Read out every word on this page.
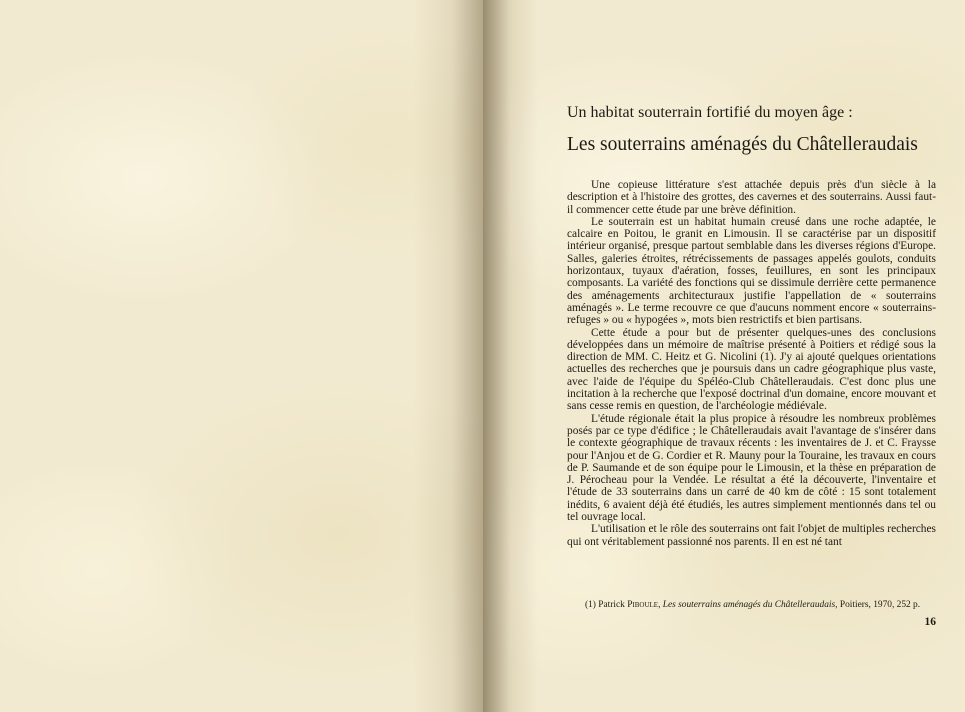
Un habitat souterrain fortifié du moyen âge :
Les souterrains aménagés du Châtelleraudais

Une copieuse littérature s'est attachée depuis près d'un siècle à la description et à l'histoire des grottes, des cavernes et des souterrains. Aussi faut-il commencer cette étude par une brève définition.

Le souterrain est un habitat humain creusé dans une roche adaptée, le calcaire en Poitou, le granit en Limousin. Il se caractérise par un dispositif intérieur organisé, presque partout semblable dans les diverses régions d'Europe. Salles, galeries étroites, rétrécissements de passages appelés goulots, conduits horizontaux, tuyaux d'aération, fosses, feuillures, en sont les principaux composants. La variété des fonctions qui se dissimule derrière cette permanence des aménagements architecturaux justifie l'appellation de « souterrains aménagés ». Le terme recouvre ce que d'aucuns nomment encore « souterrains-refuges » ou « hypogées », mots bien restrictifs et bien partisans.

Cette étude a pour but de présenter quelques-unes des conclusions développées dans un mémoire de maîtrise présenté à Poitiers et rédigé sous la direction de MM. C. Heitz et G. Nicolini (1). J'y ai ajouté quelques orientations actuelles des recherches que je poursuis dans un cadre géographique plus vaste, avec l'aide de l'équipe du Spéléo-Club Châtelleraudais. C'est donc plus une incitation à la recherche que l'exposé doctrinal d'un domaine, encore mouvant et sans cesse remis en question, de l'archéologie médiévale.

L'étude régionale était la plus propice à résoudre les nombreux problèmes posés par ce type d'édifice ; le Châtelleraudais avait l'avantage de s'insérer dans le contexte géographique de travaux récents : les inventaires de J. et C. Fraysse pour l'Anjou et de G. Cordier et R. Mauny pour la Touraine, les travaux en cours de P. Saumande et de son équipe pour le Limousin, et la thèse en préparation de J. Pérocheau pour la Vendée. Le résultat a été la découverte, l'inventaire et l'étude de 33 souterrains dans un carré de 40 km de côté : 15 sont totalement inédits, 6 avaient déjà été étudiés, les autres simplement mentionnés dans tel ou tel ouvrage local.

L'utilisation et le rôle des souterrains ont fait l'objet de multiples recherches qui ont véritablement passionné nos parents. Il en est né tant

(1) Patrick Piboule, Les souterrains aménagés du Châtelleraudais, Poitiers, 1970, 252 p.
16
